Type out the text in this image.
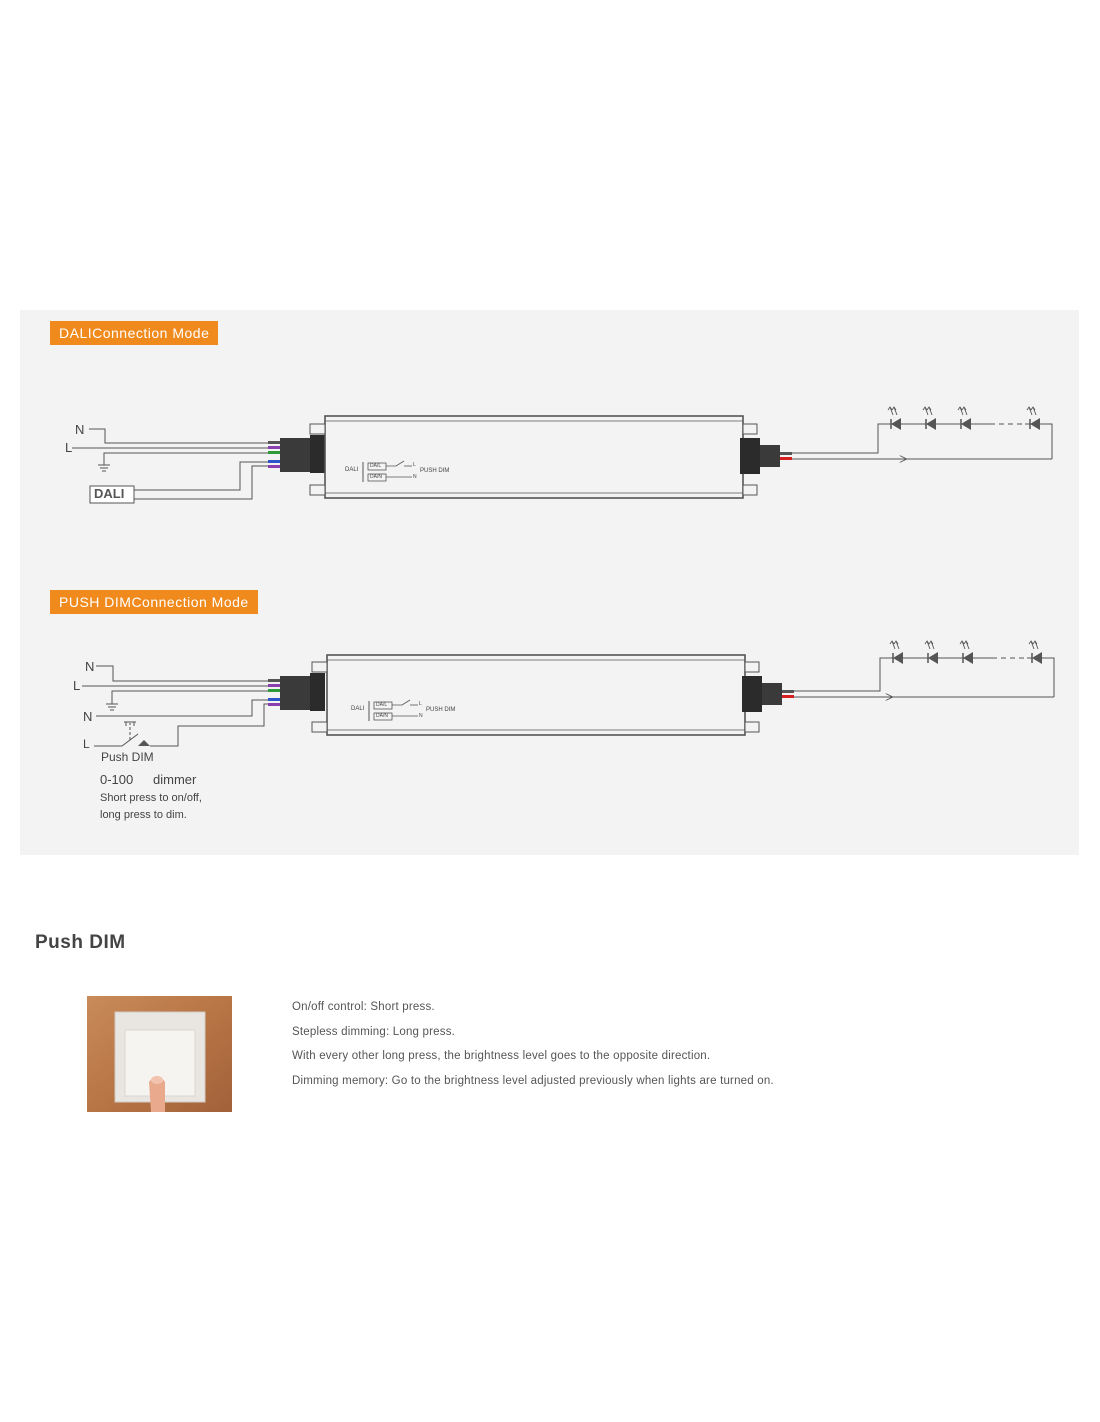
DALIConnection Mode
PUSH DIMConnection Mode
N
L
DALI
DALI
DA/L
DA/N
L
N
PUSH DIM
N
L
N
L
Push DIM
0-100 dimmer
Short press to on/off,
long press to dim.
DALI
DA/L
DA/N
L
N
PUSH DIM
Push DIM
On/off control: Short press.
Stepless dimming: Long press.
With every other long press, the brightness level goes to the opposite direction.
Dimming memory: Go to the brightness level adjusted previously when lights are turned on.
